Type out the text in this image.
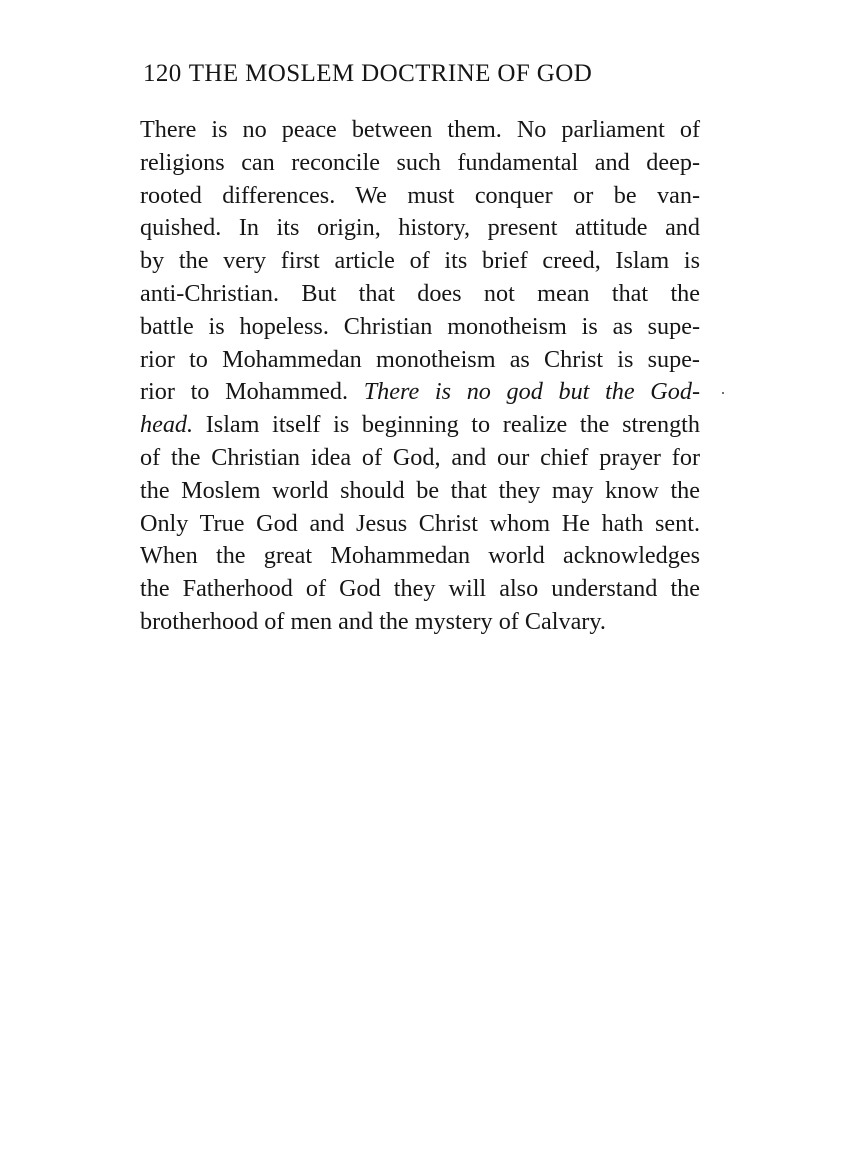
120 THE MOSLEM DOCTRINE OF GOD
There is no peace between them. No parliament of
religions can reconcile such fundamental and deep-
rooted differences. We must conquer or be van-
quished. In its origin, history, present attitude and
by the very first article of its brief creed, Islam is
anti-Christian. But that does not mean that the
battle is hopeless. Christian monotheism is as supe-
rior to Mohammedan monotheism as Christ is supe-
rior to Mohammed. There is no god but the God-
head. Islam itself is beginning to realize the strength
of the Christian idea of God, and our chief prayer for
the Moslem world should be that they may know the
Only True God and Jesus Christ whom He hath sent.
When the great Mohammedan world acknowledges
the Fatherhood of God they will also understand the
brotherhood of men and the mystery of Calvary.
